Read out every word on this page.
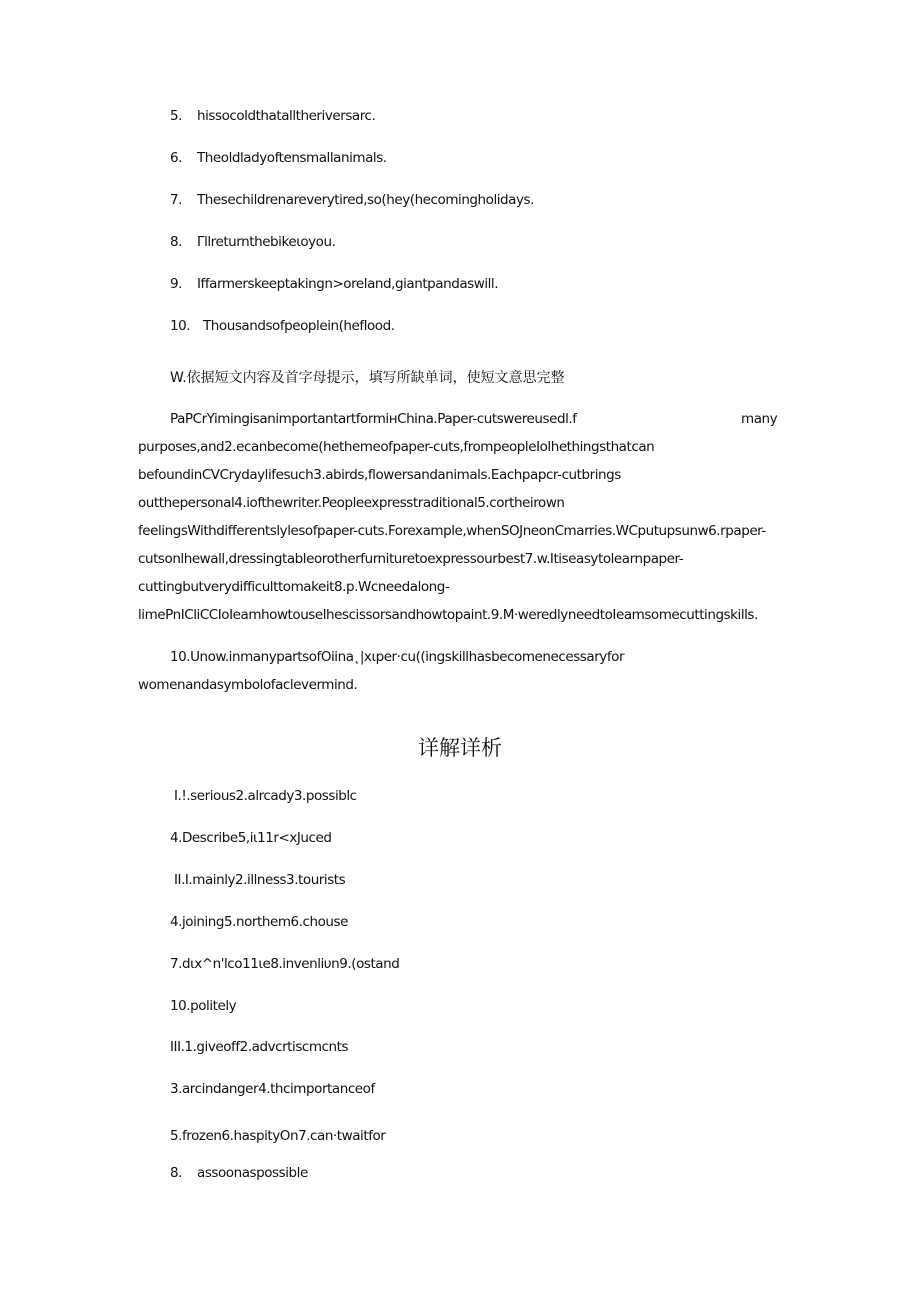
5. hissocoldthatalltheriversarc.
6. Theoldladyoftensmallanimals.
7. Thesechildrenareverytired,so(hey(hecomingholidays.
8. Γllreturnthebikeιoyou.
9. Iffarmerskeeptakingn>oreland,giantpandaswill.
10. Thousandsofpeoplein(heflood.
W.依据短文内容及首字母提示，填写所缺单词，使短文意思完整
PaPCrYimingisanimportantartformінChina.Paper-cutswereusedl.f	many
purposes,and2.ecanbecome(hethemeofpaper-cuts,frompeopleIolhethingsthatcan
befoundinCVCrydaylifesuch3.abirds,flowersandanimals.Eachpapcr-cutbrings
outthepersonal4.iofthewriter.Peopleexpresstraditional5.cortheirown
feelingsWithdifferentslylesofpaper-cuts.Forexample,whenSOJneonCmarries.WCputupsunw6.rpaper-
cutsonlhewall,dressingtableorotherfurnituretoexpressourbest7.w.Itiseasytolearnpaper-
cuttingbutverydifficulttomakeit8.p.Wcneedalong-
limePnICliCCIoIeamhowtouselhescissorsandhowtopaint.9.M·weredlyneedtoIeamsomecuttingskills.
10.Unow.inmanypartsofOiina˛|xιper·cu((ingskillhasbecomenecessaryfor
womenandasymbolofaclevermind.
详解详析
I.!.serious2.alrcady3.possiblc
4.Describe5,iι11r<xJuced
II.I.mainly2.illness3.tourists
4.joining5.northem6.chouse
7.dιx^n'lco11ιe8.invenliυn9.(ostand
10.politely
III.1.giveoff2.advcrtiscmcnts
3.arcindanger4.thcimportanceof
5.frozen6.haspityOn7.can·twaitfor
8. assoonaspossible
